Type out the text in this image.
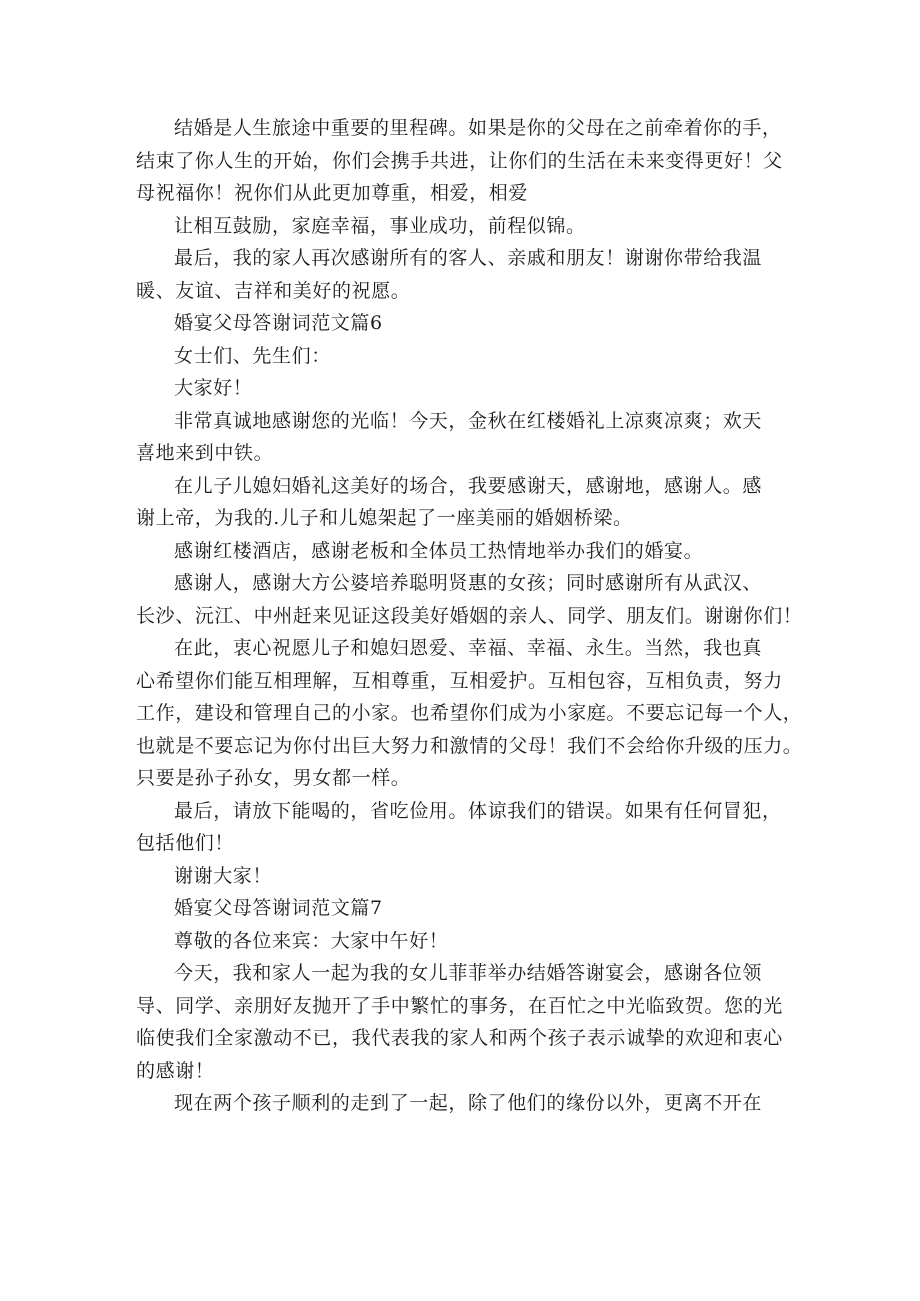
结婚是人生旅途中重要的里程碑。如果是你的父母在之前牵着你的手，
结束了你人生的开始，你们会携手共进，让你们的生活在未来变得更好！父
母祝福你！祝你们从此更加尊重，相爱，相爱
让相互鼓励，家庭幸福，事业成功，前程似锦。
最后，我的家人再次感谢所有的客人、亲戚和朋友！谢谢你带给我温
暖、友谊、吉祥和美好的祝愿。
婚宴父母答谢词范文篇6
女士们、先生们：
大家好！
非常真诚地感谢您的光临！今天，金秋在红楼婚礼上凉爽凉爽；欢天
喜地来到中铁。
在儿子儿媳妇婚礼这美好的场合，我要感谢天，感谢地，感谢人。感
谢上帝，为我的.儿子和儿媳架起了一座美丽的婚姻桥梁。
感谢红楼酒店，感谢老板和全体员工热情地举办我们的婚宴。
感谢人，感谢大方公婆培养聪明贤惠的女孩；同时感谢所有从武汉、
长沙、沅江、中州赶来见证这段美好婚姻的亲人、同学、朋友们。谢谢你们！
在此，衷心祝愿儿子和媳妇恩爱、幸福、幸福、永生。当然，我也真
心希望你们能互相理解，互相尊重，互相爱护。互相包容，互相负责，努力
工作，建设和管理自己的小家。也希望你们成为小家庭。不要忘记每一个人，
也就是不要忘记为你付出巨大努力和激情的父母！我们不会给你升级的压力。
只要是孙子孙女，男女都一样。
最后，请放下能喝的，省吃俭用。体谅我们的错误。如果有任何冒犯，
包括他们！
谢谢大家！
婚宴父母答谢词范文篇7
尊敬的各位来宾：大家中午好！
今天，我和家人一起为我的女儿菲菲举办结婚答谢宴会，感谢各位领
导、同学、亲朋好友抛开了手中繁忙的事务，在百忙之中光临致贺。您的光
临使我们全家激动不已，我代表我的家人和两个孩子表示诚挚的欢迎和衷心
的感谢！
现在两个孩子顺利的走到了一起，除了他们的缘份以外，更离不开在
